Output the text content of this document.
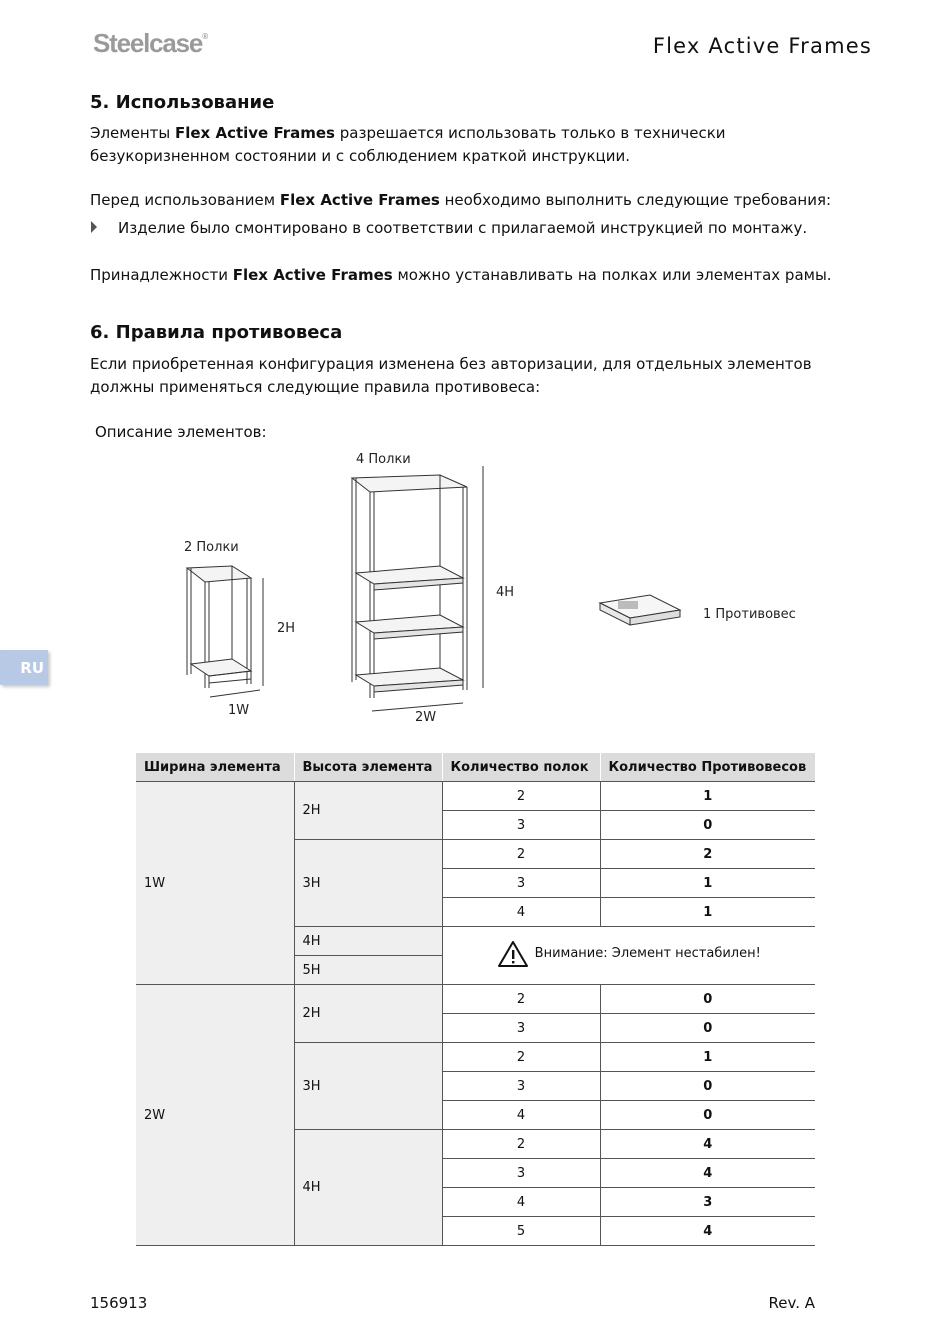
Steelcase®	Flex Active Frames
5. Использование
Элементы Flex Active Frames разрешается использовать только в технически безукоризненном состоянии и с соблюдением краткой инструкции.
Перед использованием Flex Active Frames необходимо выполнить следующие требования:
Изделие было смонтировано в соответствии с прилагаемой инструкцией по монтажу.
Принадлежности Flex Active Frames можно устанавливать на полках или элементах рамы.
6. Правила противовеса
Если приобретенная конфигурация изменена без авторизации, для отдельных элементов должны применяться следующие правила противовеса:
Описание элементов:
RU
2 Полки
2H
1W
4 Полки
4H
2W
1 Противовес
Ширина элемента	Высота элемента	Количество полок	Количество Противовесов
1W	2H	2	1
		3	0
	3H	2	2
		3	1
		4	1
	4H	Внимание: Элемент нестабилен!	

	5H		
2W	2H	2	0
		3	0
	3H	2	1
		3	0
		4	0
	4H	2	4
		3	4
		4	3
		5	4
156913	Rev. A
